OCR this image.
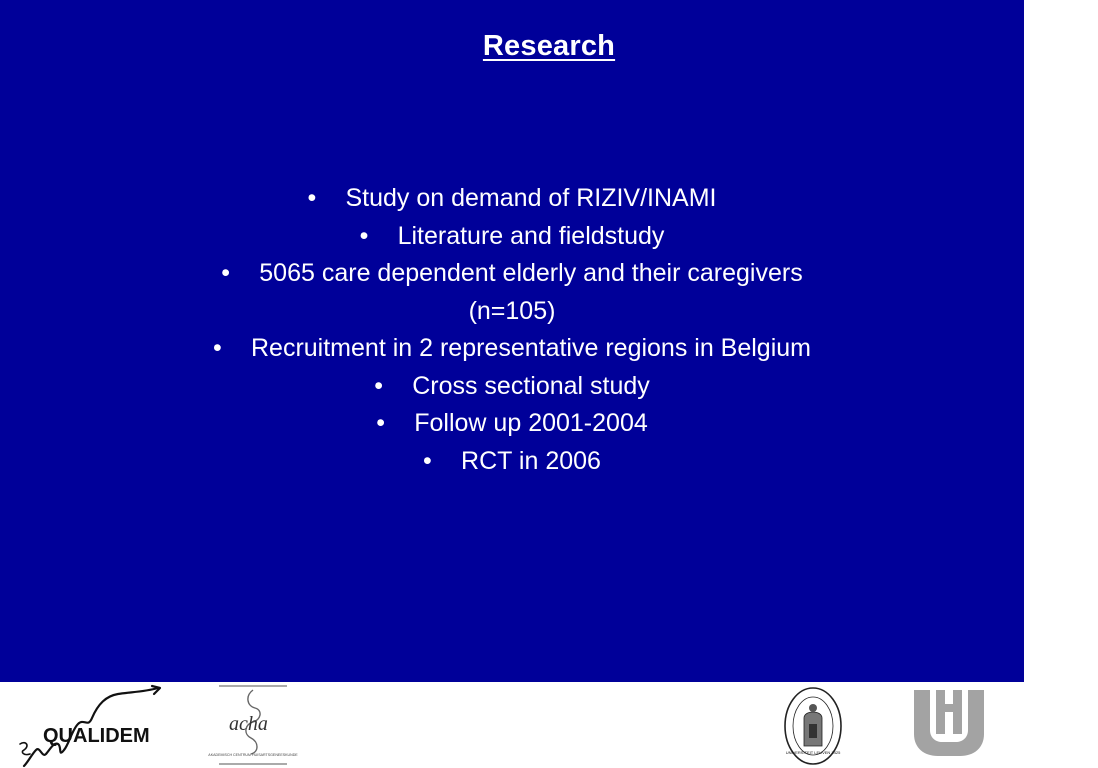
Research
• Study on demand of RIZIV/INAMI
• Literature and fieldstudy
• 5065 care dependent elderly and their caregivers
(n=105)
• Recruitment in 2 representative regions in Belgium
• Cross sectional study
• Follow up 2001-2004
• RCT in 2006
QUALIDEM
acha
AKADEMISCH CENTRUM HUISARTSGENEESKUNDE	UNIVERSITEIT LEUVEN 1425
